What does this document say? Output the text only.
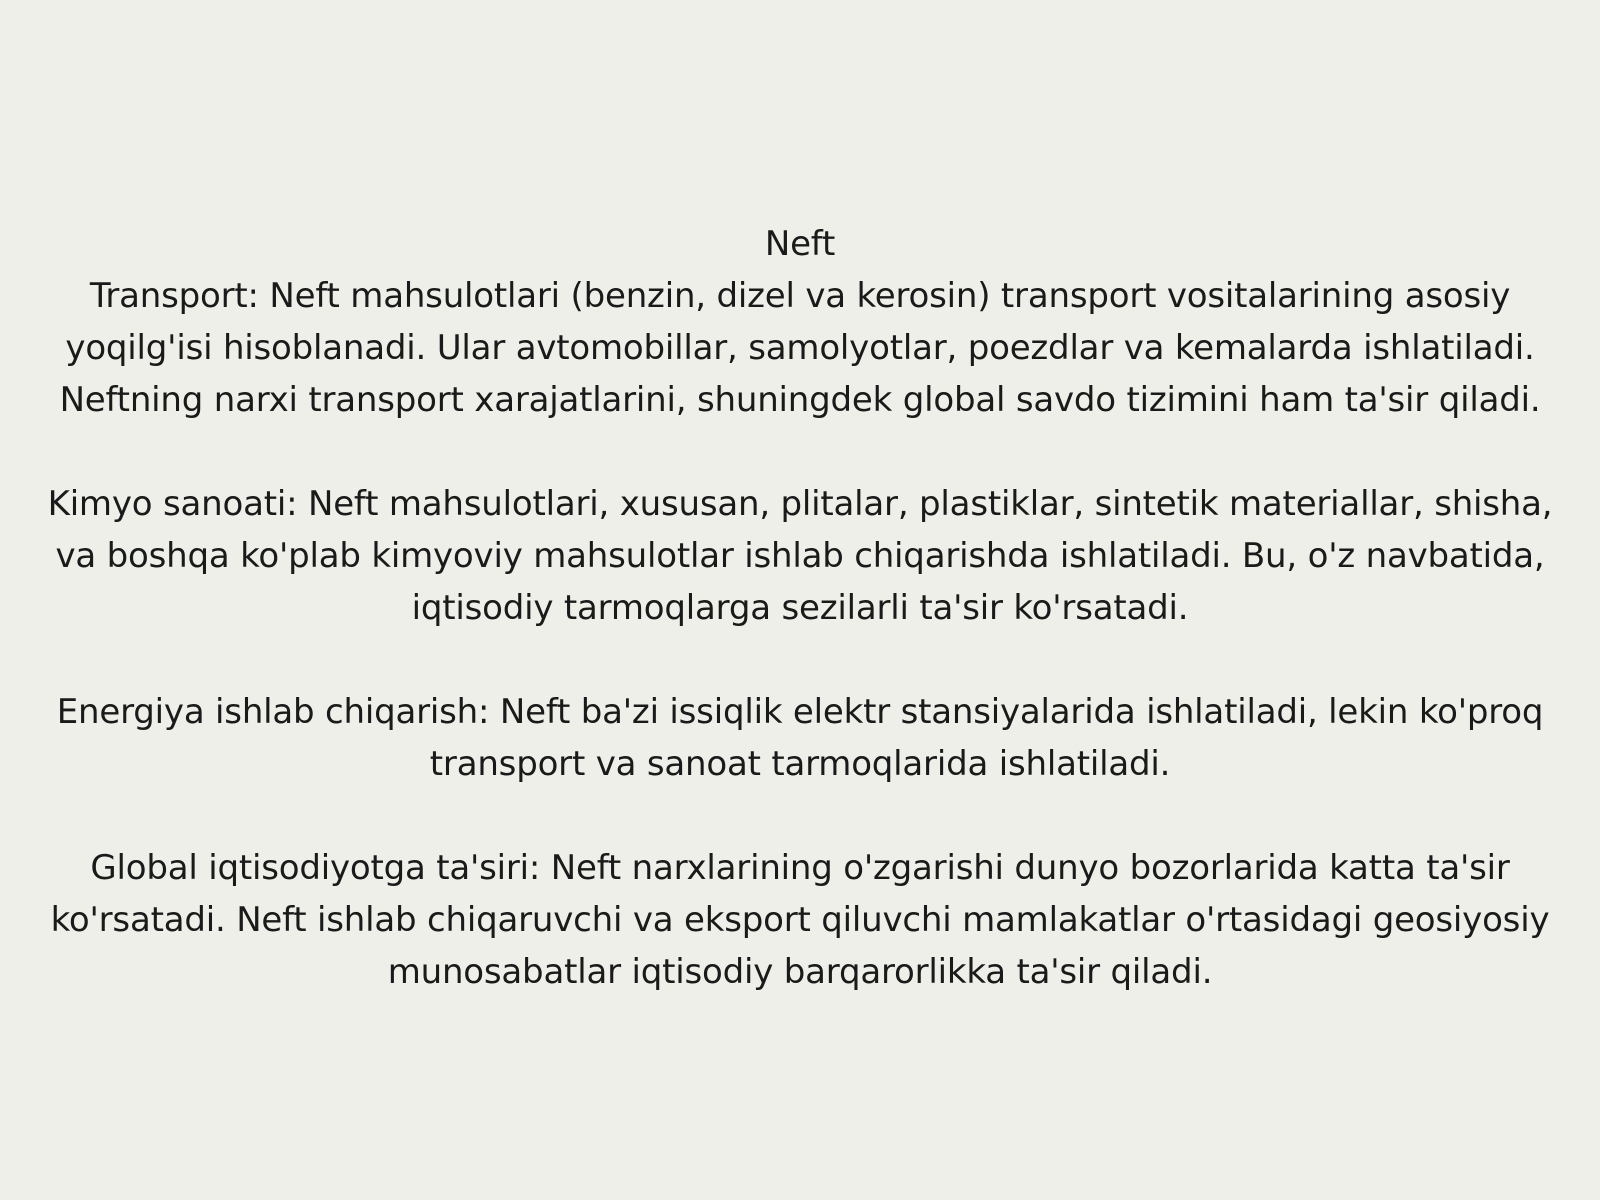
Neft

Transport: Neft mahsulotlari (benzin, dizel va kerosin) transport vositalarining asosiy
yoqilg'isi hisoblanadi. Ular avtomobillar, samolyotlar, poezdlar va kemalarda ishlatiladi.
Neftning narxi transport xarajatlarini, shuningdek global savdo tizimini ham ta'sir qiladi.

Kimyo sanoati: Neft mahsulotlari, xususan, plitalar, plastiklar, sintetik materiallar, shisha,
va boshqa ko'plab kimyoviy mahsulotlar ishlab chiqarishda ishlatiladi. Bu, o'z navbatida,
iqtisodiy tarmoqlarga sezilarli ta'sir ko'rsatadi.

Energiya ishlab chiqarish: Neft ba'zi issiqlik elektr stansiyalarida ishlatiladi, lekin ko'proq
transport va sanoat tarmoqlarida ishlatiladi.

Global iqtisodiyotga ta'siri: Neft narxlarining o'zgarishi dunyo bozorlarida katta ta'sir
ko'rsatadi. Neft ishlab chiqaruvchi va eksport qiluvchi mamlakatlar o'rtasidagi geosiyosiy
munosabatlar iqtisodiy barqarorlikka ta'sir qiladi.
